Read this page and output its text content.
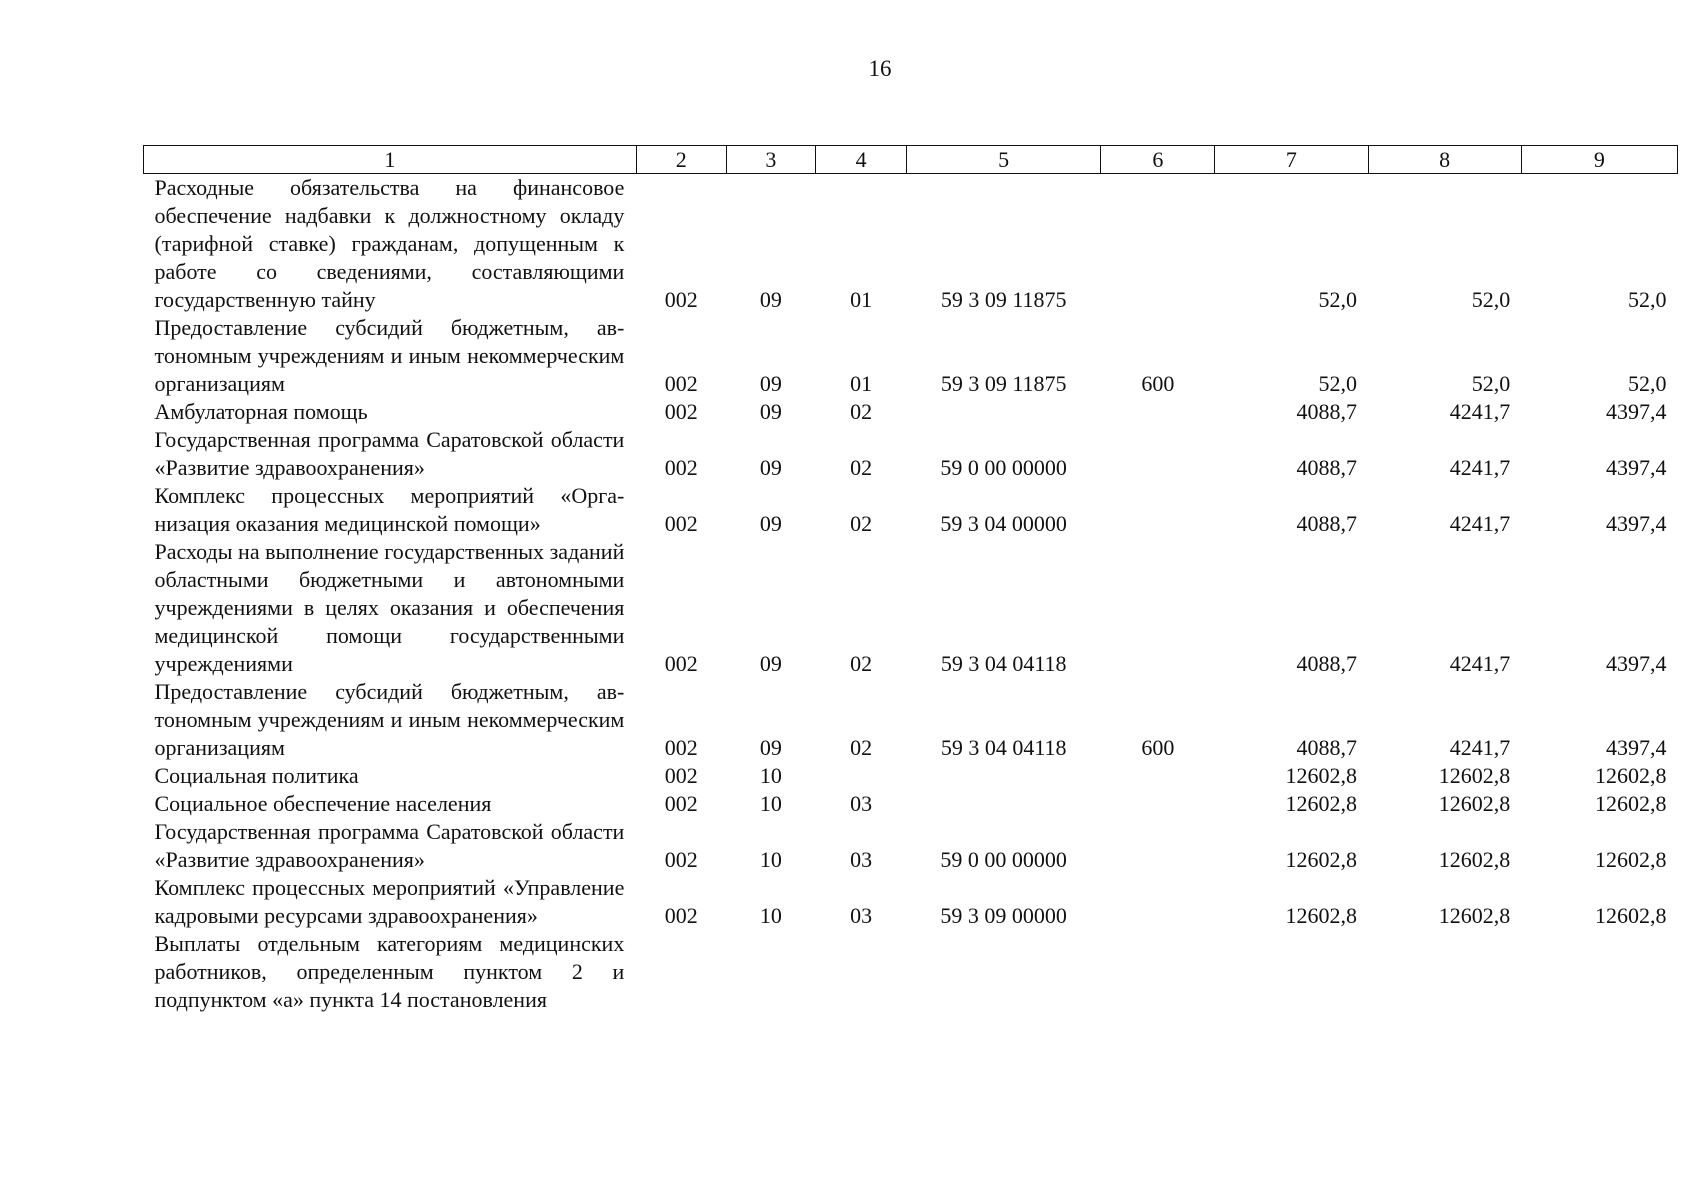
16
1	2	3	4	5	6	7	8	9
Расходные обязательства на финансовое обеспечение надбавки к должностному окладу (тарифной ставке) гражданам, допущенным к работе со сведениями, составляющими государственную тайну	002	09	01	59 3 09 11875		52,0	52,0	52,0
Предоставление субсидий бюджетным, автономным учреждениям и иным некоммерческим организациям	002	09	01	59 3 09 11875	600	52,0	52,0	52,0
Амбулаторная помощь	002	09	02			4088,7	4241,7	4397,4
Государственная программа Саратовской области «Развитие здравоохранения»	002	09	02	59 0 00 00000		4088,7	4241,7	4397,4
Комплекс процессных мероприятий «Организация оказания медицинской помощи»	002	09	02	59 3 04 00000		4088,7	4241,7	4397,4
Расходы на выполнение государственных заданий областными бюджетными и автономными учреждениями в целях оказания и обеспечения медицинской помощи государственными учреждениями	002	09	02	59 3 04 04118		4088,7	4241,7	4397,4
Предоставление субсидий бюджетным, автономным учреждениям и иным некоммерческим организациям	002	09	02	59 3 04 04118	600	4088,7	4241,7	4397,4
Социальная политика	002	10				12602,8	12602,8	12602,8
Социальное обеспечение населения	002	10	03			12602,8	12602,8	12602,8
Государственная программа Саратовской области «Развитие здравоохранения»	002	10	03	59 0 00 00000		12602,8	12602,8	12602,8
Комплекс процессных мероприятий «Управление кадровыми ресурсами здравоохранения»	002	10	03	59 3 09 00000		12602,8	12602,8	12602,8
Выплаты отдельным категориям медицинских работников, определенным пунктом 2 и подпунктом «а» пункта 14 постановления								
